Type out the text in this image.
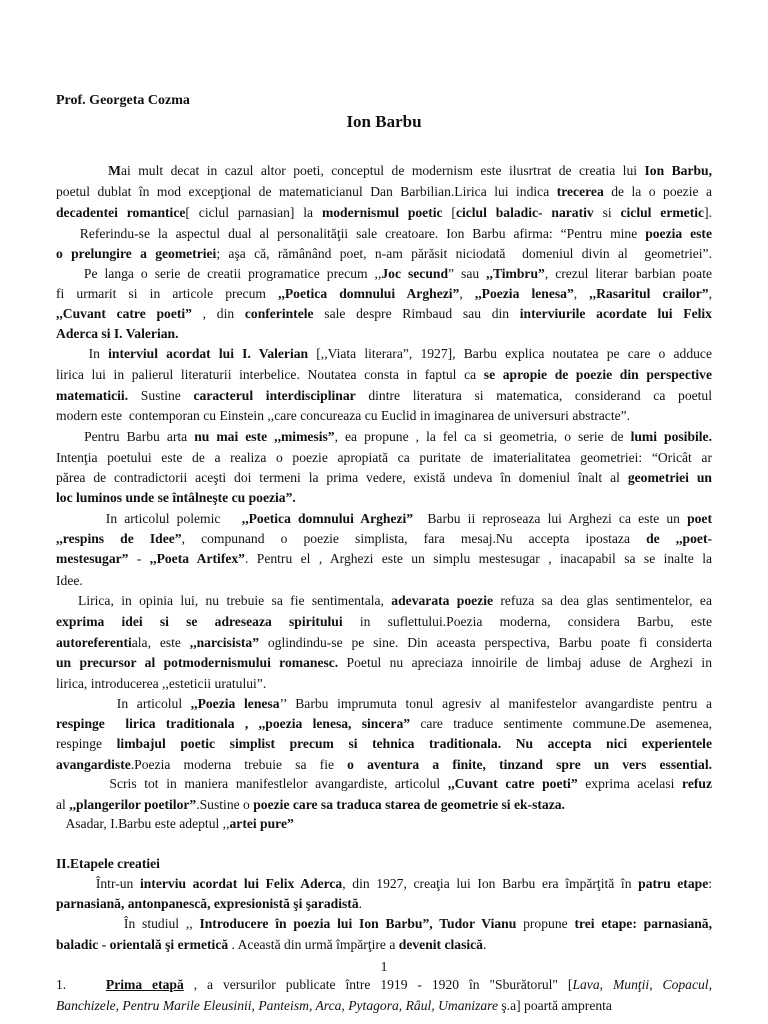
Prof. Georgeta Cozma
Ion Barbu
Mai mult decat in cazul altor poeti, conceptul de modernism este ilusrtrat de creatia lui Ion Barbu,
poetul dublat în mod excepţional de matematicianul Dan Barbilian.Lirica lui indica trecerea de la o poezie a
decadentei romantice[ ciclul parnasian] la modernismul poetic [ciclul baladic- narativ si ciclul ermetic].
Referindu-se la aspectul dual al personalităţii sale creatoare. Ion Barbu afirma: “Pentru mine poezia este
o prelungire a geometriei; aşa că, rămânând poet, n-am părăsit niciodată  domeniul divin al  geometriei”.
Pe langa o serie de creatii programatice precum ,,Joc secund” sau ,,Timbru”, crezul literar barbian poate
fi  urmarit  si  in  articole  precum  ,,Poetica  domnului  Arghezi”,  ,,Poezia  lenesa”,  ,,Rasaritul  crailor”,
,,Cuvant catre poeti” , din conferintele sale despre Rimbaud sau din interviurile acordate lui Felix
Aderca si I. Valerian.
In interviul acordat lui I. Valerian [,,Viata literara”, 1927], Barbu explica noutatea pe care o adduce
lirica lui in palierul literaturii interbelice. Noutatea consta in faptul ca se apropie de poezie din perspective
matematicii. Sustine caracterul interdisciplinar dintre literatura si matematica, considerand ca poetul
modern este  contemporan cu Einstein ,,care concureaza cu Euclid in imaginarea de universuri abstracte”.
Pentru Barbu arta nu mai este ,,mimesis”, ea propune , la fel ca si geometria, o serie de lumi posibile.
Intenţia poetului este de a realiza o poezie apropiată ca puritate de imaterialitatea geometriei: “Oricât ar
părea de contradictorii aceşti doi termeni la prima vedere, există undeva în domeniul înalt al geometriei un
loc luminos unde se întâlneşte cu poezia”.
In articolul polemic   ,,Poetica domnului Arghezi”  Barbu ii reproseaza lui Arghezi ca este un poet
,,respins  de  Idee”,  compunand  o  poezie  simplista,  fara  mesaj.Nu  accepta  ipostaza  de  ,,poet-
mestesugar” - ,,Poeta Artifex”. Pentru el , Arghezi este un simplu mestesugar , inacapabil sa se inalte la
Idee.
Lirica, in opinia lui, nu trebuie sa fie sentimentala, adevarata poezie refuza sa dea glas sentimentelor, ea
exprima  idei  si  se  adreseaza  spiritului  in  suflettului.Poezia  moderna,  considera  Barbu,  este
autoreferentiala, este ,,narcisista” oglindindu-se pe sine. Din aceasta perspectiva, Barbu poate fi considerta
un precursor al potmodernismului romanesc. Poetul nu apreciaza innoirile de limbaj aduse de Arghezi in
lirica, introducerea ,,esteticii uratului”.
In articolul ,,Poezia lenesa’’ Barbu imprumuta tonul agresiv al manifestelor avangardiste pentru a
respinge  lirica traditionala , ,,poezia lenesa, sincera” care traduce sentimente commune.De asemenea,
respinge  limbajul  poetic  simplist  precum  si  tehnica  traditionala.  Nu  accepta  nici  experientele
avangardiste.Poezia moderna trebuie sa fie o aventura a finite, tinzand spre un vers essential.
Scris tot in maniera manifestlelor avangardiste, articolul ,,Cuvant catre poeti” exprima acelasi refuz
al ,,plangerilor poetilor”.Sustine o poezie care sa traduca starea de geometrie si ek-staza.
Asadar, I.Barbu este adeptul ,,artei pure”
II.Etapele creatiei
Într-un interviu acordat lui Felix Aderca, din 1927, creaţia lui Ion Barbu era împărţită în patru etape:
parnasiană, antonpanescă, expresionistă şi şaradistă.
În studiul ,, Introducere în poezia lui Ion Barbu”, Tudor Vianu propune trei etape: parnasiană,
baladic - orientală şi ermetică . Această din urmă împărţire a devenit clasică.
1.    Prima etapă , a versurilor publicate între 1919 - 1920 în "Sburătorul" [Lava, Munţii, Copacul,
Banchizele, Pentru Marile Eleusinii, Panteism, Arca, Pytagora, Râul, Umanizare ş.a] poartă amprenta
1
